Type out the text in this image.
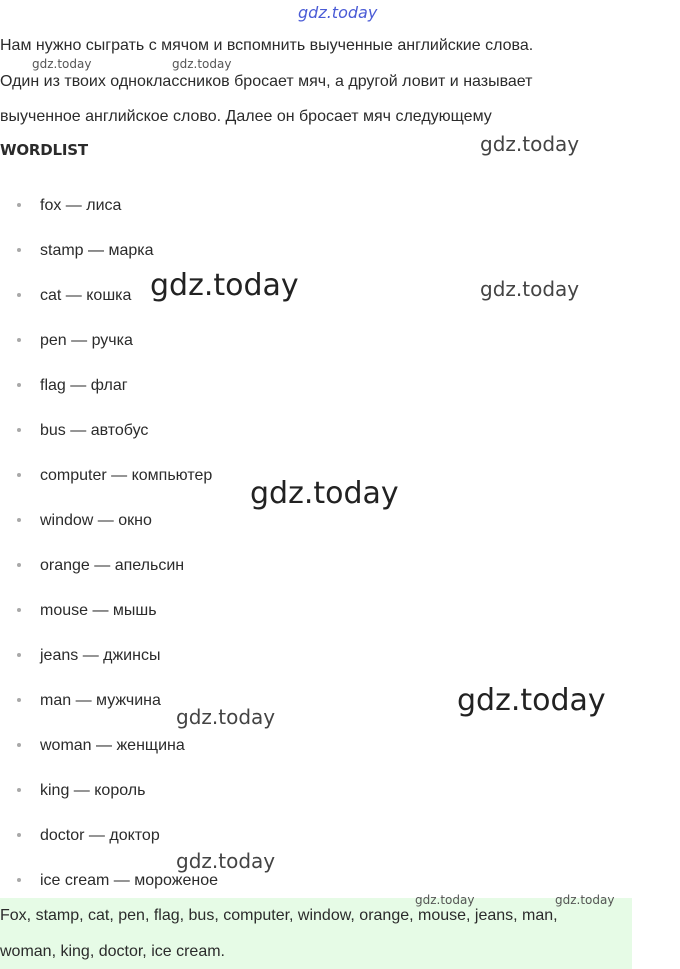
Нам нужно сыграть с мячом и вспомнить выученные английские слова.
Один из твоих одноклассников бросает мяч, а другой ловит и называет
выученное английское слово. Далее он бросает мяч следующему

WORDLIST
fox — лиса
stamp — марка
cat — кошка
pen — ручка
flag — флаг
bus — автобус
computer — компьютер
window — окно
orange — апельсин
mouse — мышь
jeans — джинсы
man — мужчина
woman — женщина
king — король
doctor — доктор
ice cream — мороженое
Fox, stamp, cat, pen, flag, bus, computer, window, orange, mouse, jeans, man,
woman, king, doctor, ice cream.
gdz.today
gdz.today	gdz.today
gdz.today
gdz.today	gdz.today
gdz.today
gdz.today
gdz.today
gdz.today
gdz.today	gdz.today
